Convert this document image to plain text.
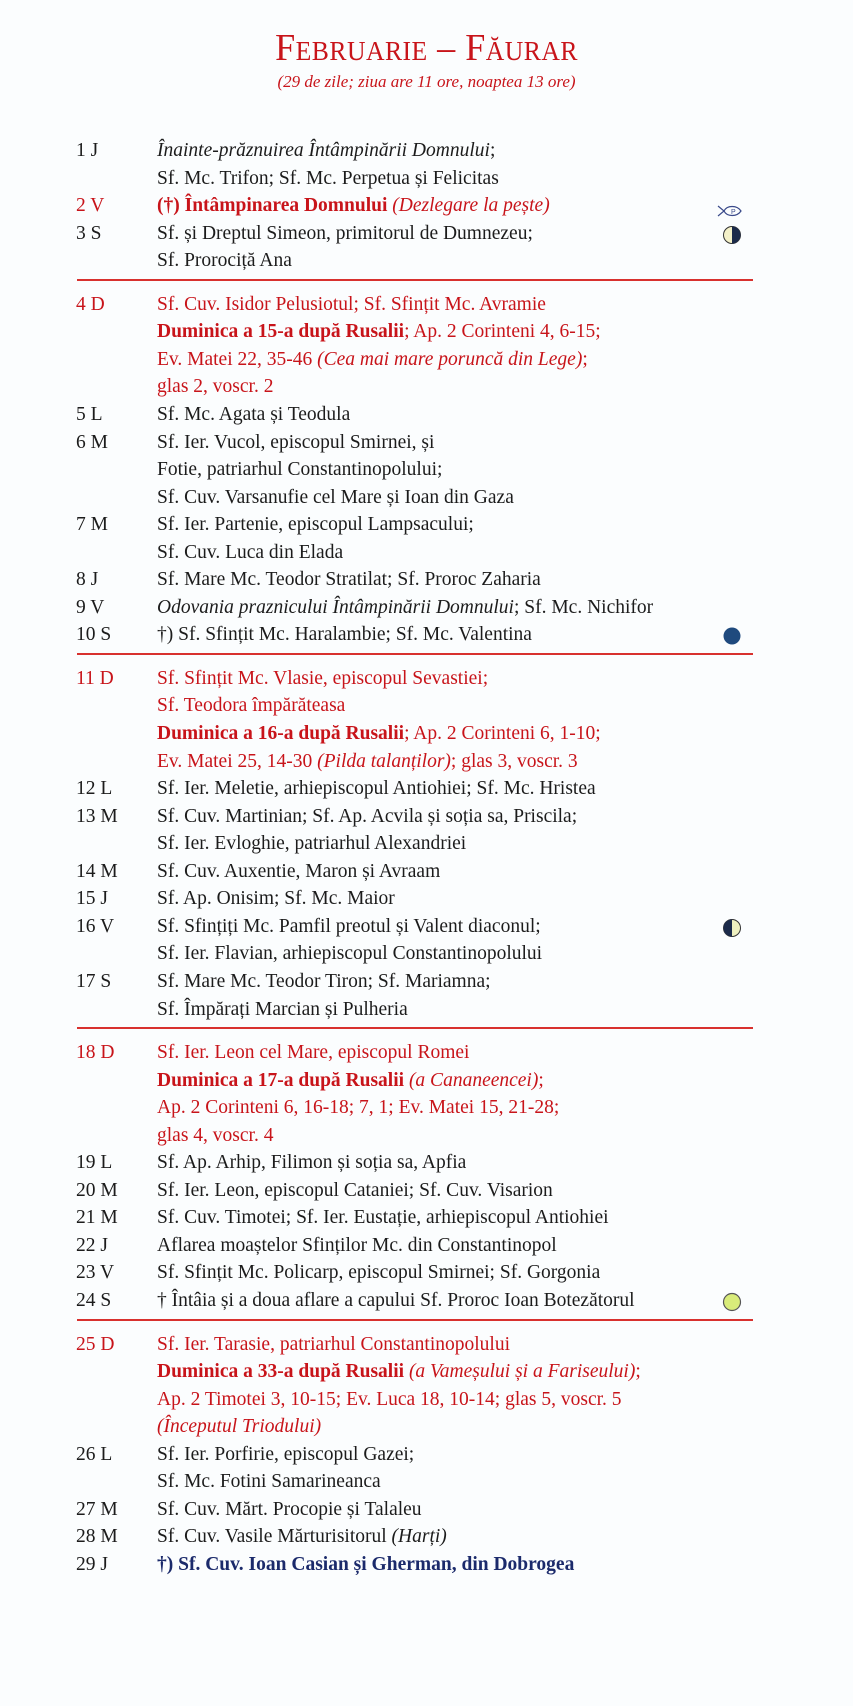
Februarie – Făurar
(29 de zile; ziua are 11 ore, noaptea 13 ore)
1 J	Înainte-prăznuirea Întâmpinării Domnului;
Sf. Mc. Trifon; Sf. Mc. Perpetua și Felicitas
2 V	(†) Întâmpinarea Domnului (Dezlegare la pește)	P
3 S	Sf. și Dreptul Simeon, primitorul de Dumnezeu;
Sf. Prorociță Ana
4 D	Sf. Cuv. Isidor Pelusiotul; Sf. Sfințit Mc. Avramie
Duminica a 15-a după Rusalii; Ap. 2 Corinteni 4, 6-15;
Ev. Matei 22, 35-46 (Cea mai mare poruncă din Lege);
glas 2, voscr. 2
5 L	Sf. Mc. Agata și Teodula
6 M	Sf. Ier. Vucol, episcopul Smirnei, și
Fotie, patriarhul Constantinopolului;
Sf. Cuv. Varsanufie cel Mare și Ioan din Gaza
7 M	Sf. Ier. Partenie, episcopul Lampsacului;
Sf. Cuv. Luca din Elada
8 J	Sf. Mare Mc. Teodor Stratilat; Sf. Proroc Zaharia
9 V	Odovania praznicului Întâmpinării Domnului; Sf. Mc. Nichifor
10 S	†) Sf. Sfințit Mc. Haralambie; Sf. Mc. Valentina
11 D	Sf. Sfințit Mc. Vlasie, episcopul Sevastiei;
Sf. Teodora împărăteasa
Duminica a 16-a după Rusalii; Ap. 2 Corinteni 6, 1-10;
Ev. Matei 25, 14-30 (Pilda talanților); glas 3, voscr. 3
12 L	Sf. Ier. Meletie, arhiepiscopul Antiohiei; Sf. Mc. Hristea
13 M	Sf. Cuv. Martinian; Sf. Ap. Acvila și soția sa, Priscila;
Sf. Ier. Evloghie, patriarhul Alexandriei
14 M	Sf. Cuv. Auxentie, Maron și Avraam
15 J	Sf. Ap. Onisim; Sf. Mc. Maior
16 V	Sf. Sfințiți Mc. Pamfil preotul și Valent diaconul;
Sf. Ier. Flavian, arhiepiscopul Constantinopolului
17 S	Sf. Mare Mc. Teodor Tiron; Sf. Mariamna;
Sf. Împărați Marcian și Pulheria
18 D	Sf. Ier. Leon cel Mare, episcopul Romei
Duminica a 17-a după Rusalii (a Cananeencei);
Ap. 2 Corinteni 6, 16-18; 7, 1; Ev. Matei 15, 21-28;
glas 4, voscr. 4
19 L	Sf. Ap. Arhip, Filimon și soția sa, Apfia
20 M	Sf. Ier. Leon, episcopul Cataniei; Sf. Cuv. Visarion
21 M	Sf. Cuv. Timotei; Sf. Ier. Eustație, arhiepiscopul Antiohiei
22 J	Aflarea moaștelor Sfinților Mc. din Constantinopol
23 V	Sf. Sfințit Mc. Policarp, episcopul Smirnei; Sf. Gorgonia
24 S	† Întâia și a doua aflare a capului Sf. Proroc Ioan Botezătorul
25 D	Sf. Ier. Tarasie, patriarhul Constantinopolului
Duminica a 33-a după Rusalii (a Vameșului și a Fariseului);
Ap. 2 Timotei 3, 10-15; Ev. Luca 18, 10-14; glas 5, voscr. 5
(Începutul Triodului)
26 L	Sf. Ier. Porfirie, episcopul Gazei;
Sf. Mc. Fotini Samarineanca
27 M	Sf. Cuv. Mărt. Procopie și Talaleu
28 M	Sf. Cuv. Vasile Mărturisitorul (Harți)
29 J	†) Sf. Cuv. Ioan Casian și Gherman, din Dobrogea
